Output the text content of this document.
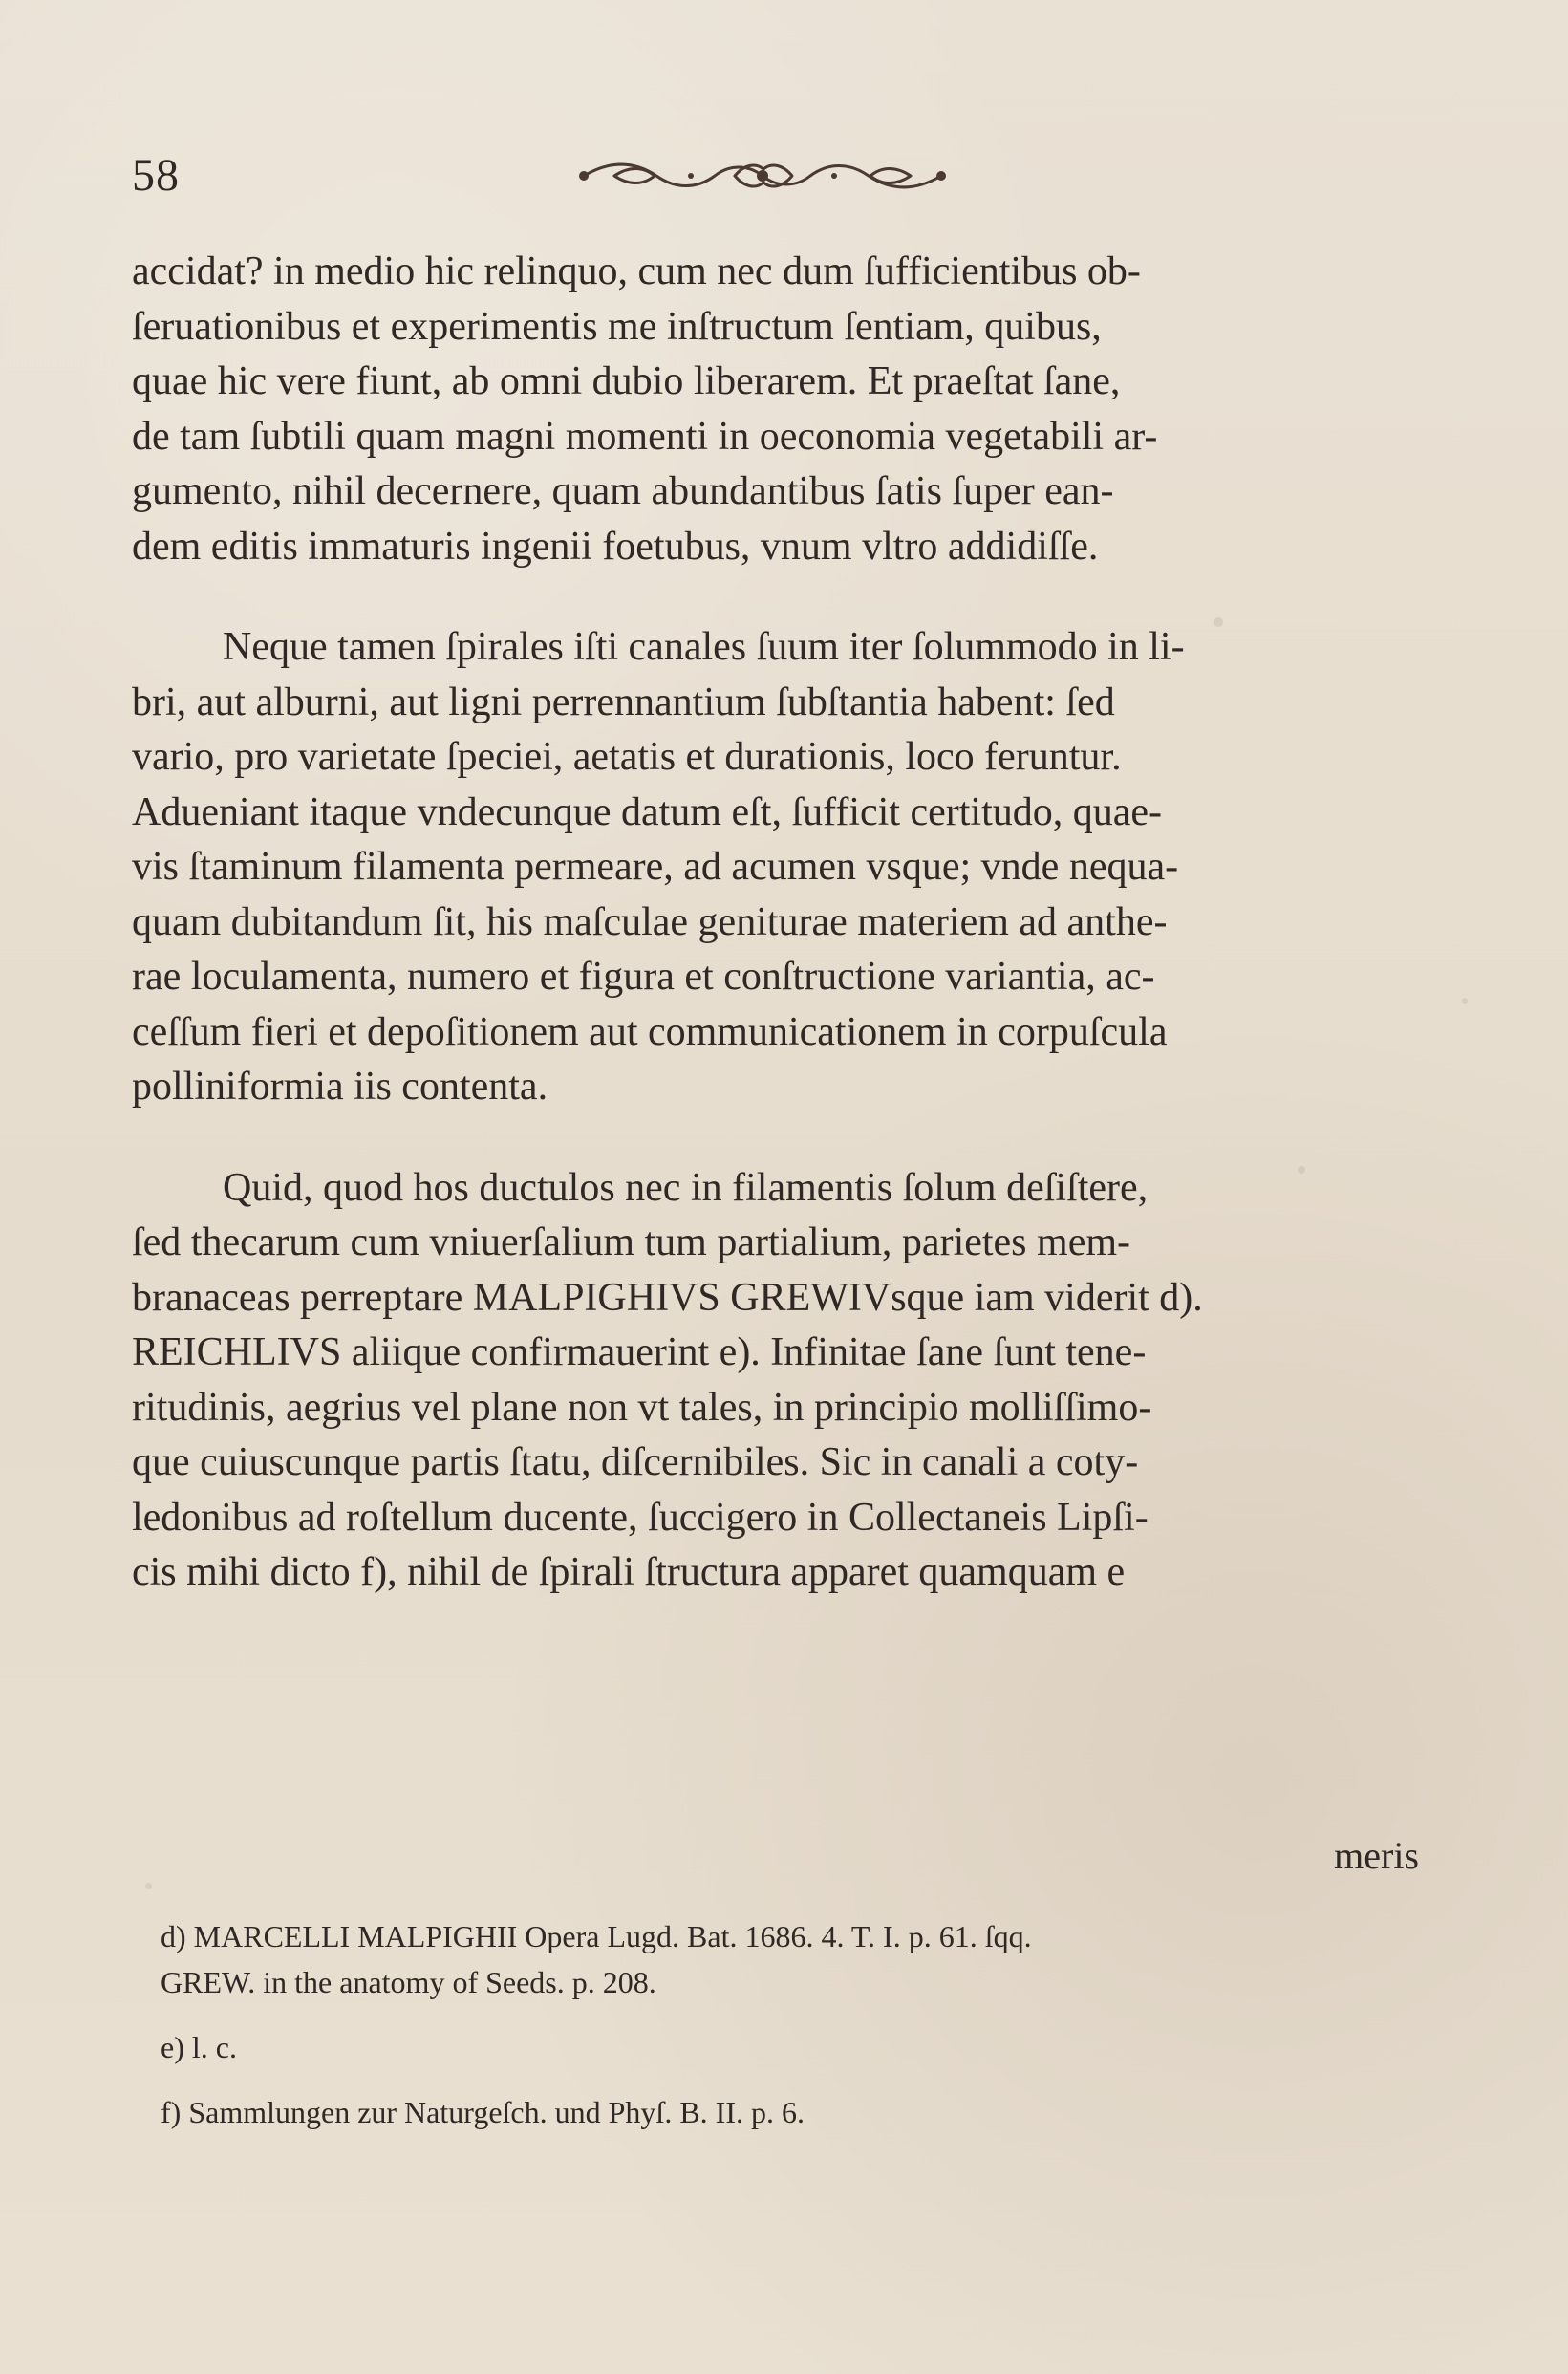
58

accidat? in medio hic relinquo, cum nec dum ſufficientibus ob-
ſeruationibus et experimentis me inſtructum ſentiam, quibus,
quae hic vere fiunt, ab omni dubio liberarem. Et praeſtat ſane,
de tam ſubtili quam magni momenti in oeconomia vegetabili ar-
gumento, nihil decernere, quam abundantibus ſatis ſuper ean-
dem editis immaturis ingenii foetubus, vnum vltro addidiſſe.

Neque tamen ſpirales iſti canales ſuum iter ſolummodo in li-
bri, aut alburni, aut ligni perrennantium ſubſtantia habent: ſed
vario, pro varietate ſpeciei, aetatis et durationis, loco feruntur.
Adueniant itaque vndecunque datum eſt, ſufficit certitudo, quae-
vis ſtaminum filamenta permeare, ad acumen vsque; vnde nequa-
quam dubitandum ſit, his maſculae geniturae materiem ad anthe-
rae loculamenta, numero et figura et conſtructione variantia, ac-
ceſſum fieri et depoſitionem aut communicationem in corpuſcula
polliniformia iis contenta.

Quid, quod hos ductulos nec in filamentis ſolum deſiſtere,
ſed thecarum cum vniuerſalium tum partialium, parietes mem-
branaceas perreptare MALPIGHIVS GREWIVsque iam viderit d).
REICHLIVS aliique confirmauerint e). Infinitae ſane ſunt tene-
ritudinis, aegrius vel plane non vt tales, in principio molliſſimo-
que cuiuscunque partis ſtatu, diſcernibiles. Sic in canali a coty-
ledonibus ad roſtellum ducente, ſuccigero in Collectaneis Lipſi-
cis mihi dicto f), nihil de ſpirali ſtructura apparet quamquam e

meris

d) MARCELLI MALPIGHII Opera Lugd. Bat. 1686. 4. T. I. p. 61. ſqq.
GREW. in the anatomy of Seeds. p. 208.

e) l. c.

f) Sammlungen zur Naturgeſch. und Phyſ. B. II. p. 6.
